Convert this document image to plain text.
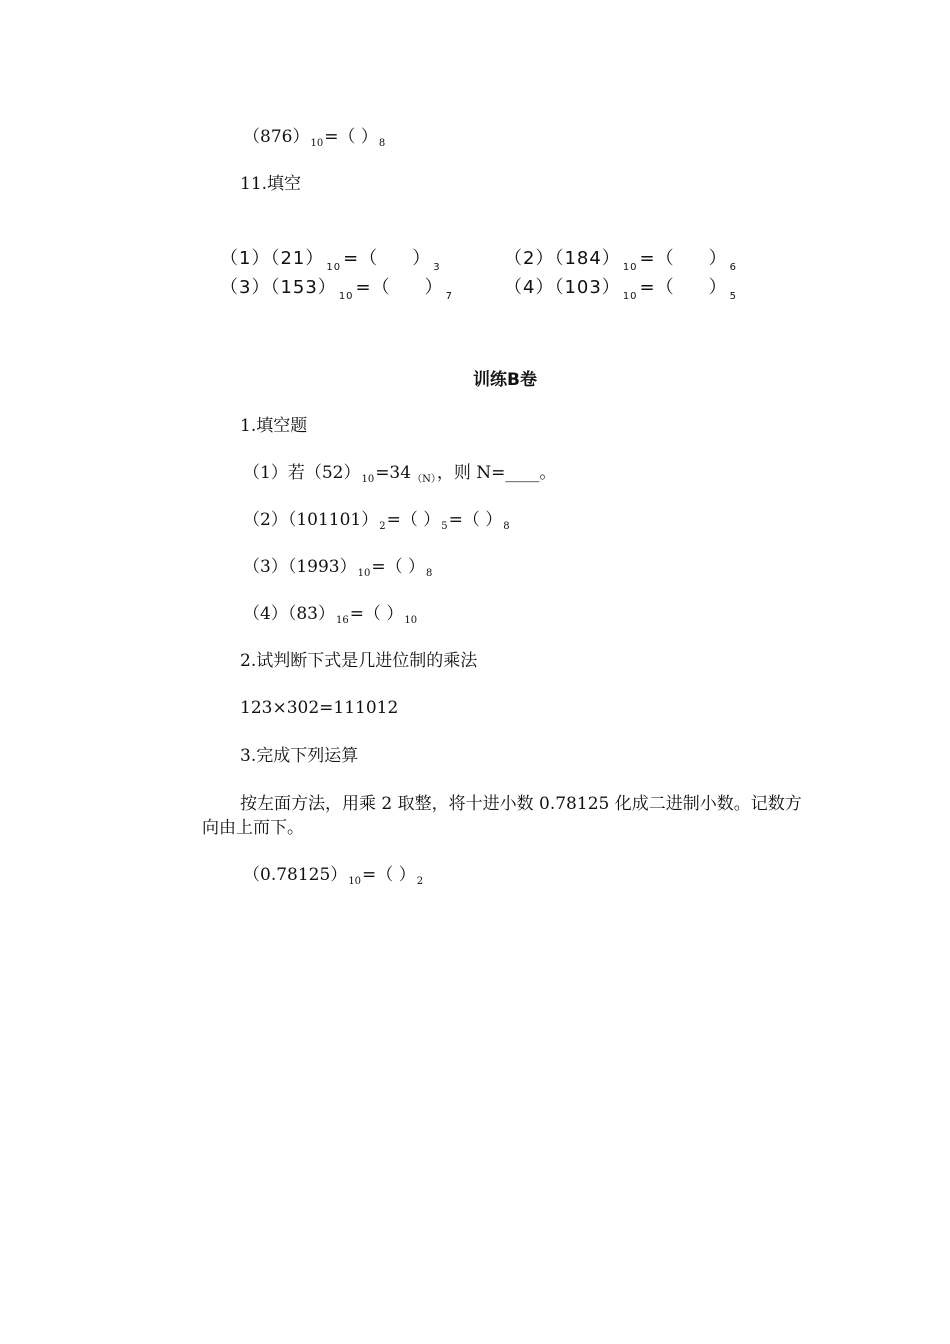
$(876)_{10}=$（ ）$_8$
11.填空
（1）（21） $_{10}$ =（ ） $_3$	（2）（184） $_{10}$ =（ ） $_6$
（3）（153） $_{10}$ =（ ） $_7$	（4）（103） $_{10}$ =（ ） $_5$
训练B卷
1.填空题
（1）若$(52)_{10}=34_{(N)}$，则 N=____。
$(2)(101101)_2=$（ ）$_5=$（ ）$_8$
$(3)(1993)_{10}=$（ ）$_8$
$(4)(83)_{16}=$（ ）$_{10}$
2.试判断下式是几进位制的乘法
123×302=111012
3.完成下列运算
按左面方法，用乘 2 取整，将十进小数 0.78125 化成二进制小数。记数方向由上而下。
$(0.78125)_{10}=$（ ）$_2$
